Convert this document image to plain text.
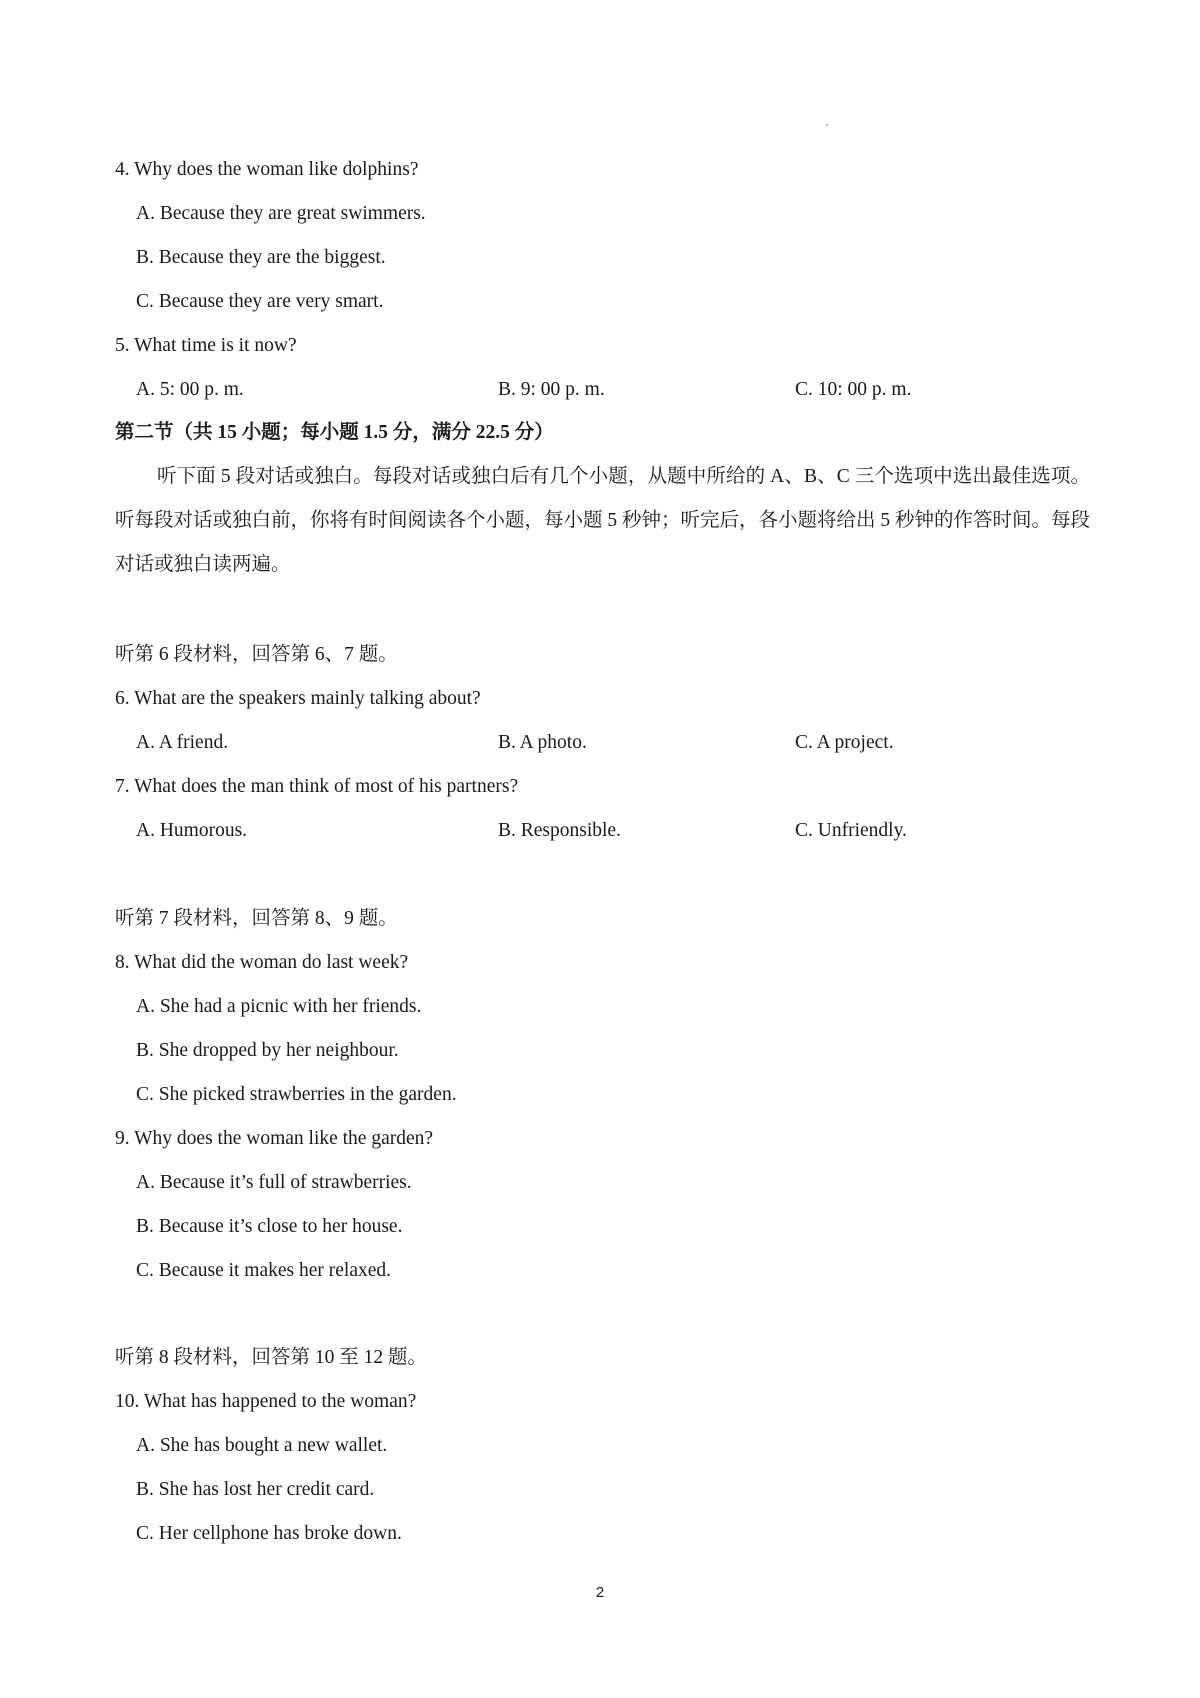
4. Why does the woman like dolphins?
A. Because they are great swimmers.
B. Because they are the biggest.
C. Because they are very smart.
5. What time is it now?
A. 5: 00 p. m.	B. 9: 00 p. m.	C. 10: 00 p. m.
第二节（共 15 小题；每小题 1.5 分，满分 22.5 分）
听下面 5 段对话或独白。每段对话或独白后有几个小题，从题中所给的 A、B、C 三个选项中选出最佳选项。听每段对话或独白前，你将有时间阅读各个小题，每小题 5 秒钟；听完后，各小题将给出 5 秒钟的作答时间。每段对话或独白读两遍。
听第 6 段材料，回答第 6、7 题。
6. What are the speakers mainly talking about?
A. A friend.	B. A photo.	C. A project.
7. What does the man think of most of his partners?
A. Humorous.	B. Responsible.	C. Unfriendly.
听第 7 段材料，回答第 8、9 题。
8. What did the woman do last week?
A. She had a picnic with her friends.
B. She dropped by her neighbour.
C. She picked strawberries in the garden.
9. Why does the woman like the garden?
A. Because it’s full of strawberries.
B. Because it’s close to her house.
C. Because it makes her relaxed.
听第 8 段材料，回答第 10 至 12 题。
10. What has happened to the woman?
A. She has bought a new wallet.
B. She has lost her credit card.
C. Her cellphone has broke down.
2
